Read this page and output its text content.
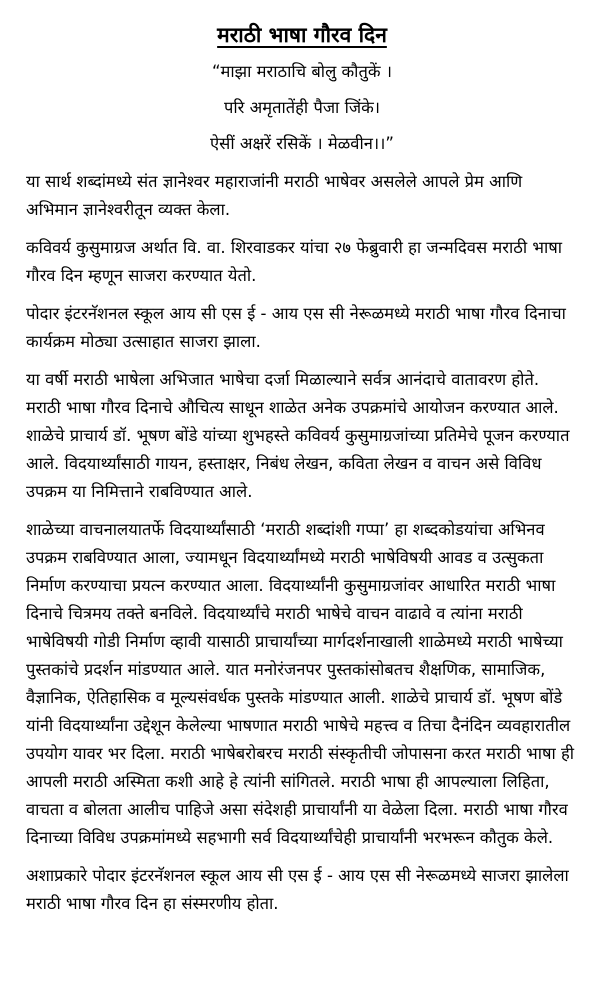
मराठी भाषा गौरव दिन

“माझा मराठाचि बोलु कौतुकें ।

परि अमृतातेंही पैजा जिंके।

ऐसीं अक्षरें रसिकें । मेळवीन।।”

या सार्थ शब्दांमध्ये संत ज्ञानेश्वर महाराजांनी मराठी भाषेवर असलेले आपले प्रेम आणि अभिमान ज्ञानेश्वरीतून व्यक्त केला.

कविवर्य कुसुमाग्रज अर्थात वि. वा. शिरवाडकर यांचा २७ फेब्रुवारी हा जन्मदिवस मराठी भाषा गौरव दिन म्हणून साजरा करण्यात येतो.

पोदार इंटरनॅशनल स्कूल आय सी एस ई - आय एस सी नेरूळमध्ये मराठी भाषा गौरव दिनाचा कार्यक्रम मोठ्या उत्साहात साजरा झाला.

या वर्षी मराठी भाषेला अभिजात भाषेचा दर्जा मिळाल्याने सर्वत्र आनंदाचे वातावरण होते. मराठी भाषा गौरव दिनाचे औचित्य साधून शाळेत अनेक उपक्रमांचे आयोजन करण्यात आले. शाळेचे प्राचार्य डॉ. भूषण बोंडे यांच्या शुभहस्ते कविवर्य कुसुमाग्रजांच्या प्रतिमेचे पूजन करण्यात आले. विदयार्थ्यांसाठी गायन, हस्ताक्षर, निबंध लेखन, कविता लेखन व वाचन असे विविध उपक्रम या निमित्ताने राबविण्यात आले.

शाळेच्या वाचनालयातर्फे विदयार्थ्यांसाठी ‘मराठी शब्दांशी गप्पा’ हा शब्दकोडयांचा अभिनव उपक्रम राबविण्यात आला, ज्यामधून विदयार्थ्यांमध्ये मराठी भाषेविषयी आवड व उत्सुकता निर्माण करण्याचा प्रयत्न करण्यात आला. विदयार्थ्यांनी कुसुमाग्रजांवर आधारित मराठी भाषा दिनाचे चित्रमय तक्ते बनविले. विदयार्थ्यांचे मराठी भाषेचे वाचन वाढावे व त्यांना मराठी भाषेविषयी गोडी निर्माण व्हावी यासाठी प्राचार्यांच्या मार्गदर्शनाखाली शाळेमध्ये मराठी भाषेच्या पुस्तकांचे प्रदर्शन मांडण्यात आले. यात मनोरंजनपर पुस्तकांसोबतच शैक्षणिक, सामाजिक, वैज्ञानिक, ऐतिहासिक व मूल्यसंवर्धक पुस्तके मांडण्यात आली. शाळेचे प्राचार्य डॉ. भूषण बोंडे यांनी विदयार्थ्यांना उद्देशून केलेल्या भाषणात मराठी भाषेचे महत्त्व व तिचा दैनंदिन व्यवहारातील उपयोग यावर भर दिला. मराठी भाषेबरोबरच मराठी संस्कृतीची जोपासना करत मराठी भाषा ही आपली मराठी अस्मिता कशी आहे हे त्यांनी सांगितले. मराठी भाषा ही आपल्याला लिहिता, वाचता व बोलता आलीच पाहिजे असा संदेशही प्राचार्यांनी या वेळेला दिला. मराठी भाषा गौरव दिनाच्या विविध उपक्रमांमध्ये सहभागी सर्व विदयार्थ्यांचेही प्राचार्यांनी भरभरून कौतुक केले.

अशाप्रकारे पोदार इंटरनॅशनल स्कूल आय सी एस ई - आय एस सी नेरूळमध्ये साजरा झालेला मराठी भाषा गौरव दिन हा संस्मरणीय होता.
